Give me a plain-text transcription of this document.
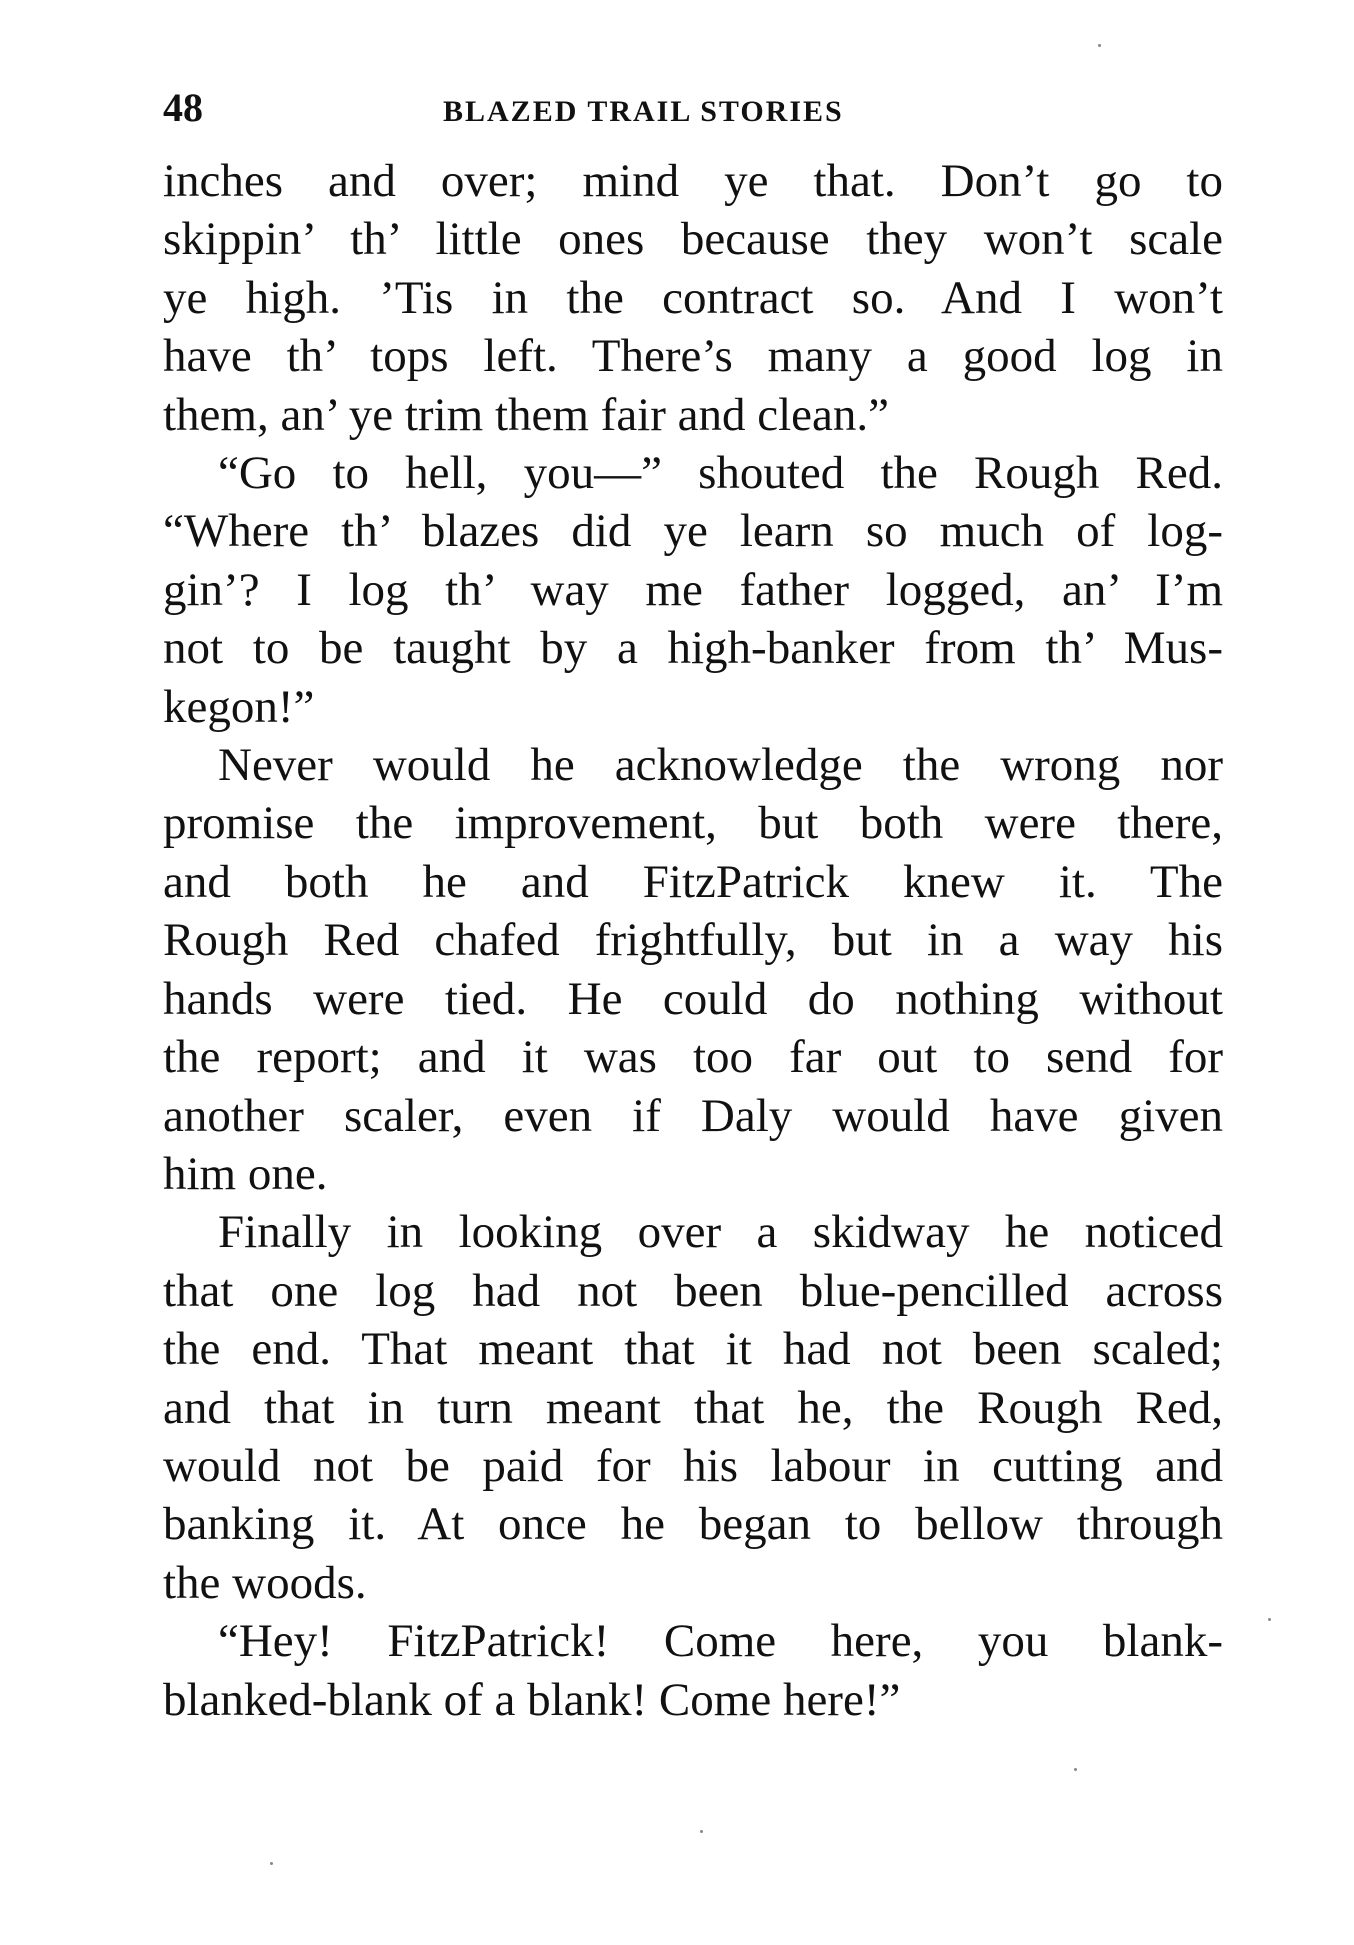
48	BLAZED TRAIL STORIES
inches and over; mind ye that. Don’t go to
skippin’ th’ little ones because they won’t scale
ye high. ’Tis in the contract so. And I won’t
have th’ tops left. There’s many a good log in
them, an’ ye trim them fair and clean.”
“Go to hell, you—” shouted the Rough Red.
“Where th’ blazes did ye learn so much of log-
gin’? I log th’ way me father logged, an’ I’m
not to be taught by a high-banker from th’ Mus-
kegon!”
Never would he acknowledge the wrong nor
promise the improvement, but both were there,
and both he and FitzPatrick knew it. The
Rough Red chafed frightfully, but in a way his
hands were tied. He could do nothing without
the report; and it was too far out to send for
another scaler, even if Daly would have given
him one.
Finally in looking over a skidway he noticed
that one log had not been blue-pencilled across
the end. That meant that it had not been scaled;
and that in turn meant that he, the Rough Red,
would not be paid for his labour in cutting and
banking it. At once he began to bellow through
the woods.
“Hey! FitzPatrick! Come here, you blank-
blanked-blank of a blank! Come here!”
